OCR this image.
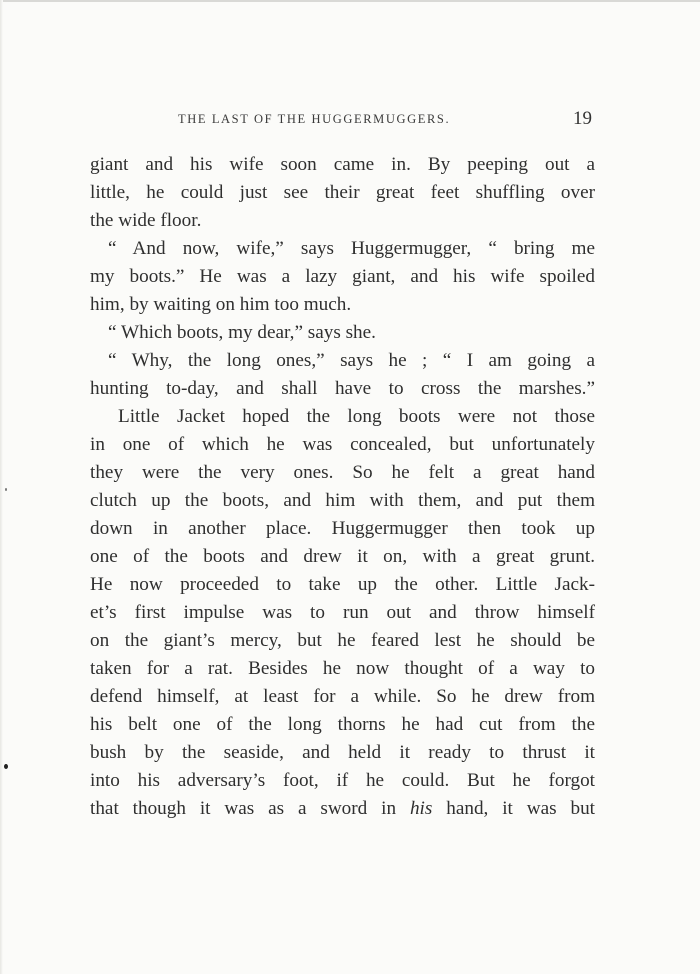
THE LAST OF THE HUGGERMUGGERS.	19
giant and his wife soon came in. By peeping out a
little, he could just see their great feet shuffling over
the wide floor.
“ And now, wife,” says Huggermugger, “ bring me
my boots.” He was a lazy giant, and his wife spoiled
him, by waiting on him too much.
“ Which boots, my dear,” says she.
“ Why, the long ones,” says he ; “ I am going a
hunting to-day, and shall have to cross the marshes.”
Little Jacket hoped the long boots were not those
in one of which he was concealed, but unfortunately
they were the very ones. So he felt a great hand
clutch up the boots, and him with them, and put them
down in another place. Huggermugger then took up
one of the boots and drew it on, with a great grunt.
He now proceeded to take up the other. Little Jack-
et’s first impulse was to run out and throw himself
on the giant’s mercy, but he feared lest he should be
taken for a rat. Besides he now thought of a way to
defend himself, at least for a while. So he drew from
his belt one of the long thorns he had cut from the
bush by the seaside, and held it ready to thrust it
into his adversary’s foot, if he could. But he forgot
that though it was as a sword in his hand, it was but
